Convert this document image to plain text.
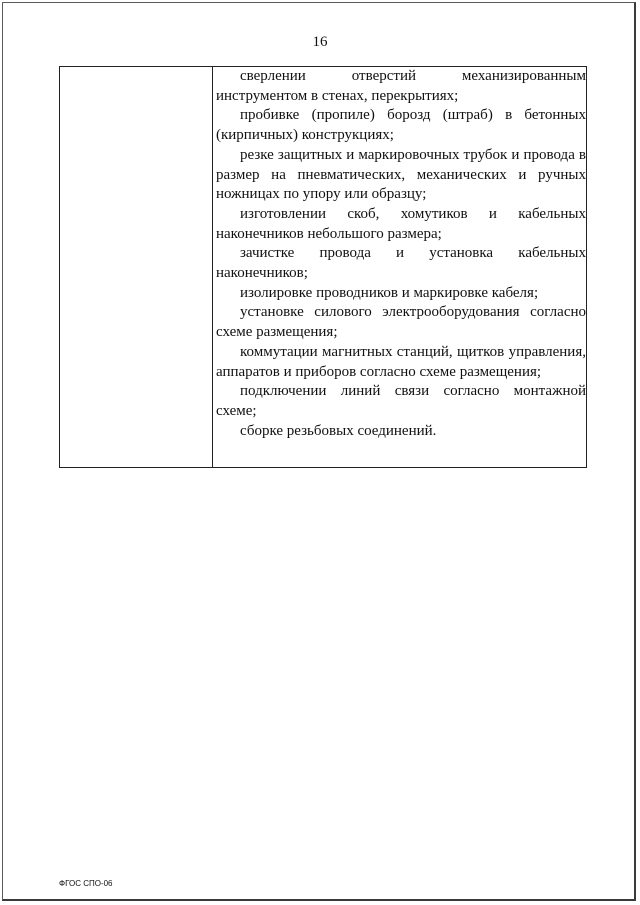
16

сверлении отверстий механизированным инструментом в стенах, перекрытиях;

пробивке (пропиле) борозд (штраб) в бетонных (кирпичных) конструкциях;

резке защитных и маркировочных трубок и провода в размер на пневматических, механических и ручных ножницах по упору или образцу;

изготовлении скоб, хомутиков и кабельных наконечников небольшого размера;

зачистке провода и установка кабельных наконечников;

изолировке проводников и маркировке кабеля;

установке силового электрооборудования согласно схеме размещения;

коммутации магнитных станций, щитков управления, аппаратов и приборов согласно схеме размещения;

подключении линий связи согласно монтажной схеме;

сборке резьбовых соединений.

ФГОС СПО-06
